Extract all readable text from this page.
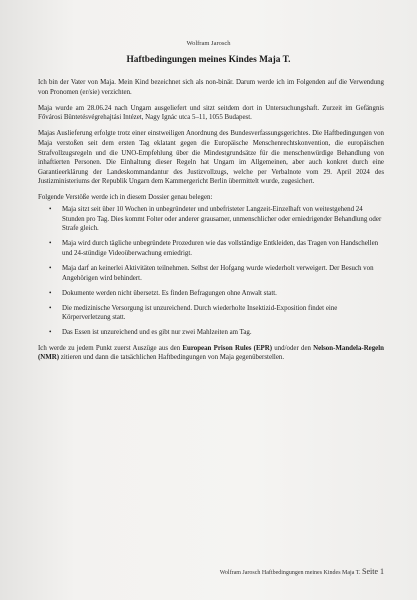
Wolfram Jarosch
Haftbedingungen meines Kindes Maja T.

Ich bin der Vater von Maja. Mein Kind bezeichnet sich als non-binär. Darum werde ich im Folgenden auf die Verwendung von Pronomen (er/sie) verzichten.

Maja wurde am 28.06.24 nach Ungarn ausgeliefert und sitzt seitdem dort in Untersuchungshaft. Zurzeit im Gefängnis Fővárosi Büntetésvégrehajtási Intézet, Nagy Ignác utca 5–11, 1055 Budapest.

Majas Auslieferung erfolgte trotz einer einstweiligen Anordnung des Bundesverfassungsgerichtes. Die Haftbedingungen von Maja verstoßen seit dem ersten Tag eklatant gegen die Europäische Menschenrechtskonvention, die europäischen Strafvollzugsregeln und die UNO-Empfehlung über die Mindestgrundsätze für die menschenwürdige Behandlung von inhaftierten Personen. Die Einhaltung dieser Regeln hat Ungarn im Allgemeinen, aber auch konkret durch eine Garantieerklärung der Landeskommandantur des Justizvollzugs, welche per Verbalnote vom 29. April 2024 des Justizministeriums der Republik Ungarn dem Kammergericht Berlin übermittelt wurde, zugesichert.

Folgende Verstöße werde ich in diesem Dossier genau belegen:

• Maja sitzt seit über 10 Wochen in unbegründeter und unbefristeter Langzeit-Einzelhaft von weitestgehend 24 Stunden pro Tag. Dies kommt Folter oder anderer grausamer, unmenschlicher oder erniedrigender Behandlung oder Strafe gleich.
• Maja wird durch tägliche unbegründete Prozeduren wie das vollständige Entkleiden, das Tragen von Handschellen und 24-stündige Videoüberwachung erniedrigt.
• Maja darf an keinerlei Aktivitäten teilnehmen. Selbst der Hofgang wurde wiederholt verweigert. Der Besuch von Angehörigen wird behindert.
• Dokumente werden nicht übersetzt. Es finden Befragungen ohne Anwalt statt.
• Die medizinische Versorgung ist unzureichend. Durch wiederholte Insektizid-Exposition findet eine Körperverletzung statt.
• Das Essen ist unzureichend und es gibt nur zwei Mahlzeiten am Tag.

Ich werde zu jedem Punkt zuerst Auszüge aus den European Prison Rules (EPR) und/oder den Nelson-Mandela-Regeln (NMR) zitieren und dann die tatsächlichen Haftbedingungen von Maja gegenüberstellen.

Wolfram Jarosch Haftbedingungen meines Kindes Maja T. Seite 1
